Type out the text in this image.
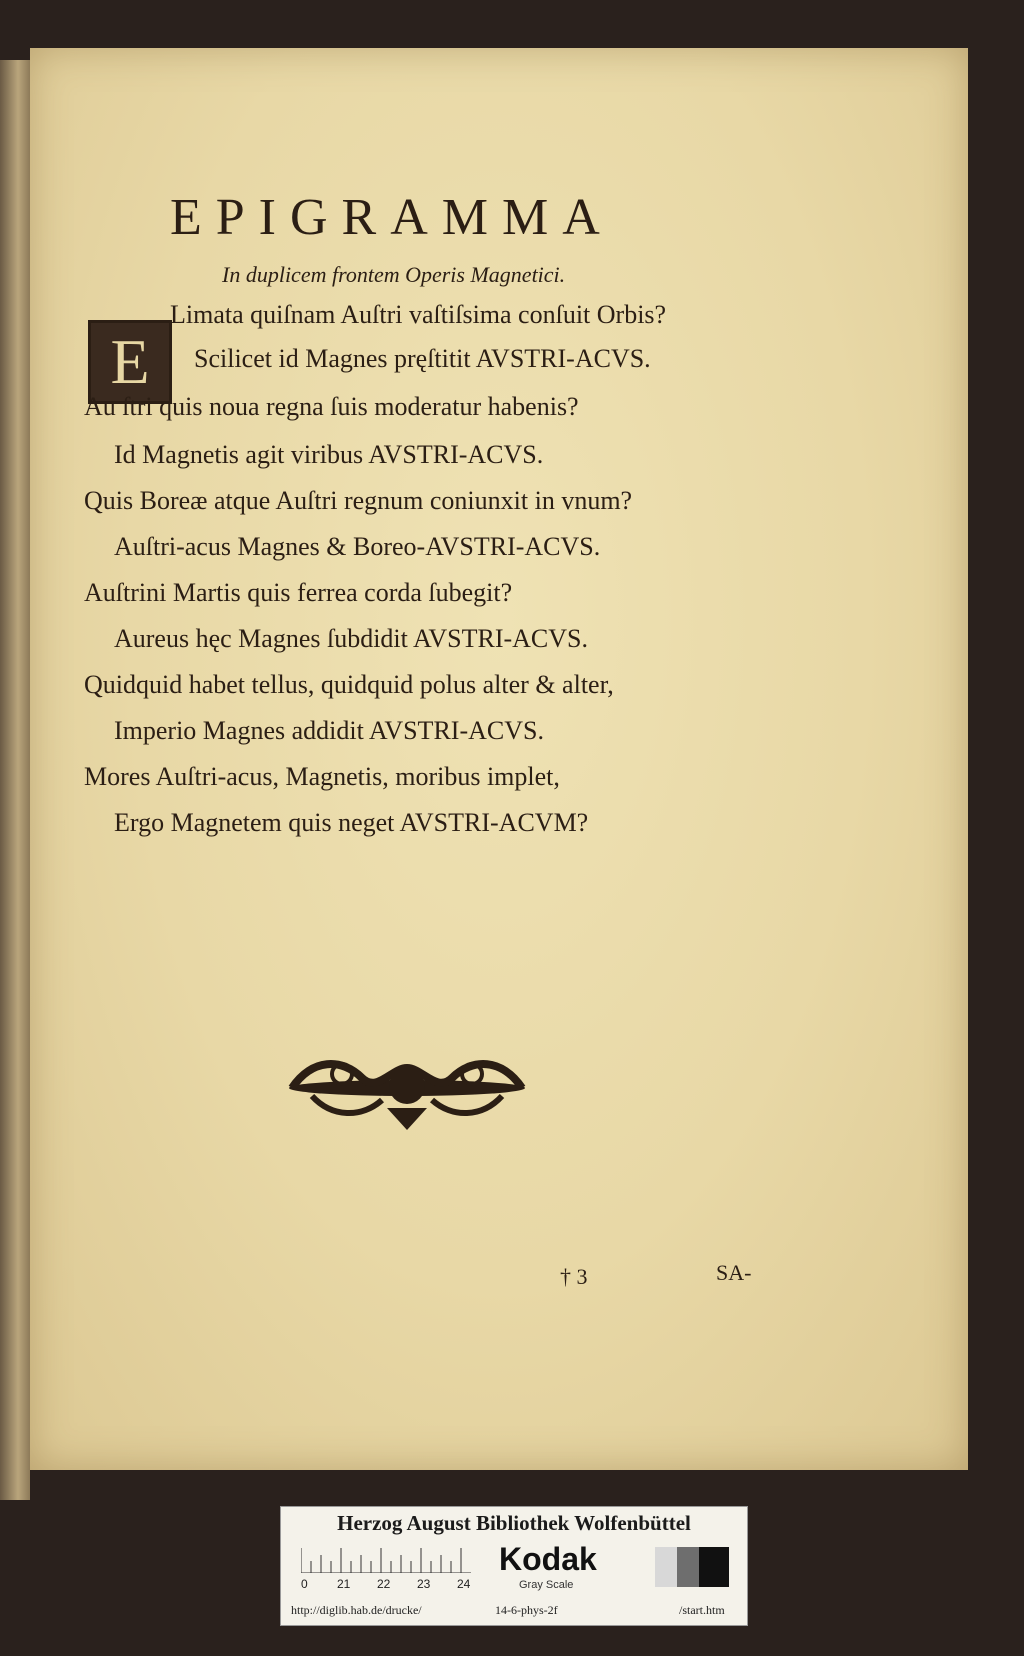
EPIGRAMMA
In duplicem frontem Operis Magnetici.
E
Limata quiſnam Auſtri vaſtiſsima conſuit Orbis?
Scilicet id Magnes pręſtitit AVSTRI-ACVS.
Au ſtri quis noua regna ſuis moderatur habenis?
Id Magnetis agit viribus AVSTRI-ACVS.
Quis Boreæ atque Auſtri regnum coniunxit in vnum?
Auſtri-acus Magnes & Boreo-AVSTRI-ACVS.
Auſtrini Martis quis ferrea corda ſubegit?
Aureus hęc Magnes ſubdidit AVSTRI-ACVS.
Quidquid habet tellus, quidquid polus alter & alter,
Imperio Magnes addidit AVSTRI-ACVS.
Mores Auſtri-acus, Magnetis, moribus implet,
Ergo Magnetem quis neget AVSTRI-ACVM?
† 3	SA-
Herzog August Bibliothek Wolfenbüttel
0 21 22 23 24
Kodak
Gray Scale
http://diglib.hab.de/drucke/	14-6-phys-2f	/start.htm
